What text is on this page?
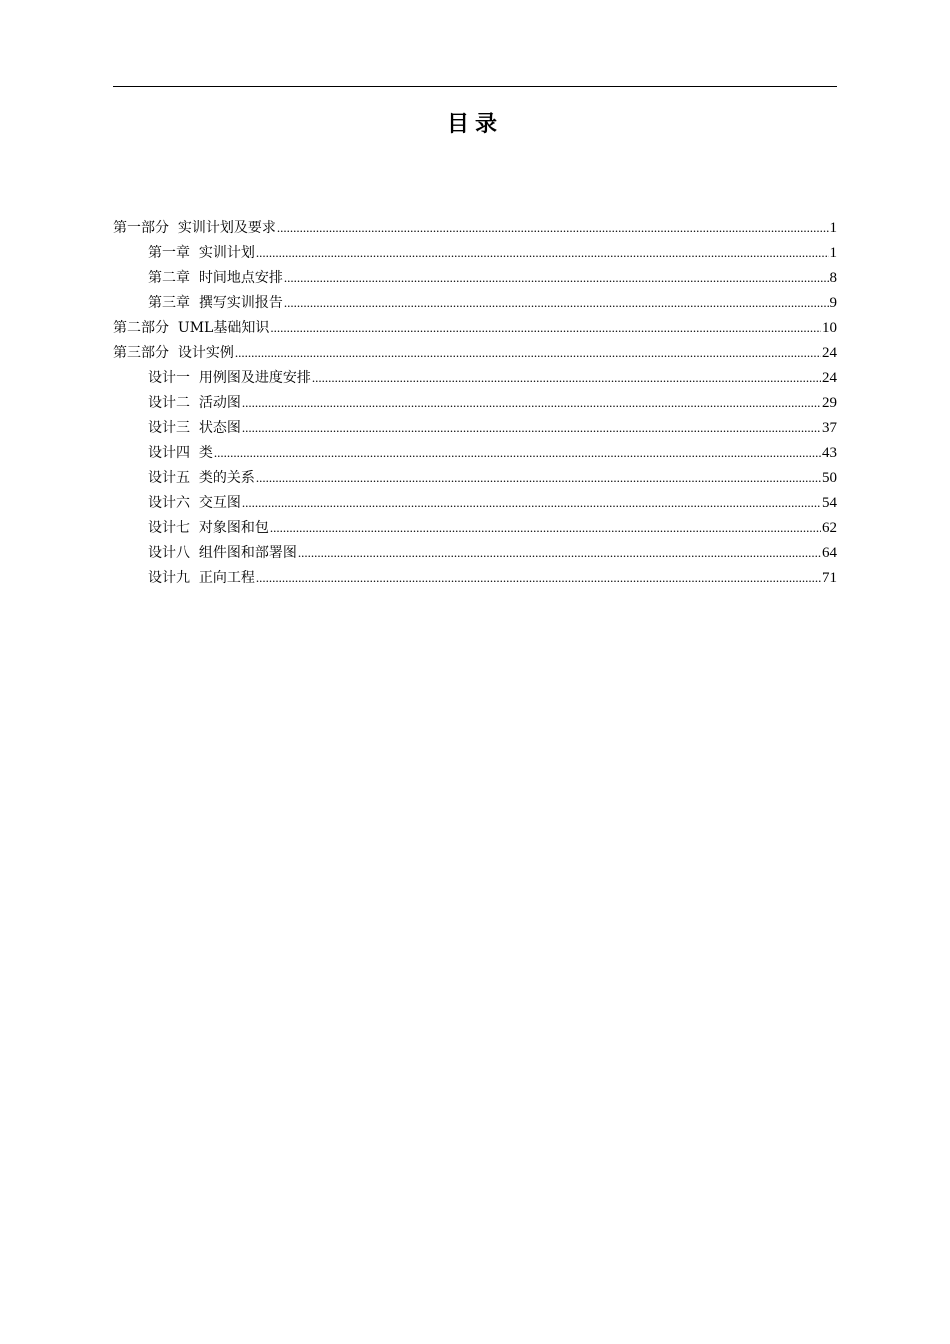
目录
第一部分  实训计划及要求 .....	1
第一章  实训计划 .....	1
第二章  时间地点安排 .....	8
第三章  撰写实训报告 .....	9
第二部分  UML基础知识 .....	10
第三部分  设计实例 .....	24
设计一  用例图及进度安排 .....	24
设计二  活动图 .....	29
设计三  状态图 .....	37
设计四  类 .....	43
设计五  类的关系 .....	50
设计六  交互图 .....	54
设计七  对象图和包 .....	62
设计八  组件图和部署图 .....	64
设计九  正向工程 .....	71
